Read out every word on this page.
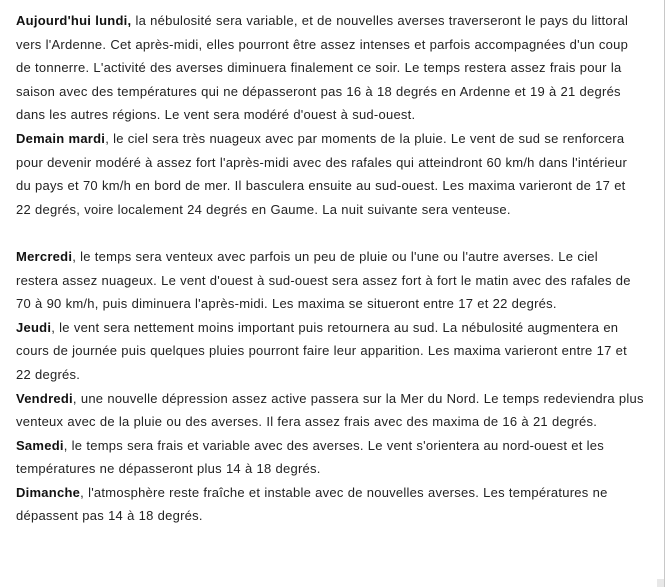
Aujourd'hui lundi, la nébulosité sera variable, et de nouvelles averses traverseront le pays du littoral vers l'Ardenne. Cet après-midi, elles pourront être assez intenses et parfois accompagnées d'un coup de tonnerre. L'activité des averses diminuera finalement ce soir. Le temps restera assez frais pour la saison avec des températures qui ne dépasseront pas 16 à 18 degrés en Ardenne et 19 à 21 degrés dans les autres régions. Le vent sera modéré d'ouest à sud-ouest.
Demain mardi, le ciel sera très nuageux avec par moments de la pluie. Le vent de sud se renforcera pour devenir modéré à assez fort l'après-midi avec des rafales qui atteindront 60 km/h dans l'intérieur du pays et 70 km/h en bord de mer. Il basculera ensuite au sud-ouest. Les maxima varieront de 17 et 22 degrés, voire localement 24 degrés en Gaume. La nuit suivante sera venteuse.
Mercredi, le temps sera venteux avec parfois un peu de pluie ou l'une ou l'autre averses. Le ciel restera assez nuageux. Le vent d'ouest à sud-ouest sera assez fort à fort le matin avec des rafales de 70 à 90 km/h, puis diminuera l'après-midi. Les maxima se situeront entre 17 et 22 degrés.
Jeudi, le vent sera nettement moins important puis retournera au sud. La nébulosité augmentera en cours de journée puis quelques pluies pourront faire leur apparition. Les maxima varieront entre 17 et 22 degrés.
Vendredi, une nouvelle dépression assez active passera sur la Mer du Nord. Le temps redeviendra plus venteux avec de la pluie ou des averses. Il fera assez frais avec des maxima de 16 à 21 degrés.
Samedi, le temps sera frais et variable avec des averses. Le vent s'orientera au nord-ouest et les températures ne dépasseront plus 14 à 18 degrés.
Dimanche, l'atmosphère reste fraîche et instable avec de nouvelles averses. Les températures ne dépassent pas 14 à 18 degrés.
